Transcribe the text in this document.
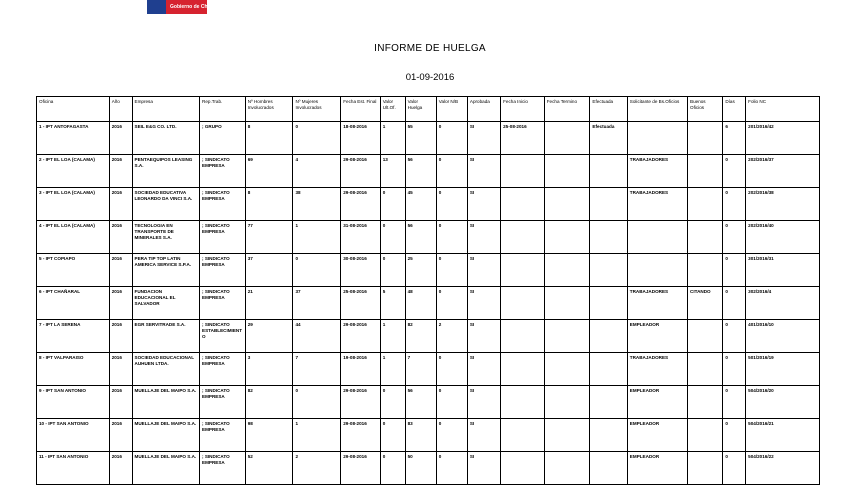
Gobierno de Chile
INFORME DE HUELGA
01-09-2016
Oficina	Año	Empresa	Rep.Trab.	Nº Hombres Involucrados	Nº Mujeres Involucrados	Fecha Est. Final	Valor Ult.Of.	Valor Huelga	Valor N/B	Aprobada	Fecha Inicio	Fecha Termino	Efectuada	Solicitante de Bs.Oficios	Buenos Oficios	Días	Folio NC
1 - IPT ANTOFAGASTA	2016	SEIL E&G CO. LTD.	; GRUPO	8	0	18-08-2016	1	55	0	SI	25-08-2016		Efectuada			6	201/2016/42
2 - IPT EL LOA (CALAMA)	2016	PENTAEQUIPOS LEASING S.A.	; SINDICATO EMPRESA	69	4	29-08-2016	13	56	0	SI				TRABAJADORES		0	202/2016/37
3 - IPT EL LOA (CALAMA)	2016	SOCIEDAD EDUCATIVA LEONARDO DA VINCI S.A.	; SINDICATO EMPRESA	8	38	29-08-2016	0	45	0	SI				TRABAJADORES		0	202/2016/38
4 - IPT EL LOA (CALAMA)	2016	TECNOLOGIA EN TRANSPORTE DE MINERALES S.A.	; SINDICATO EMPRESA	77	1	31-08-2016	0	56	0	SI						0	202/2016/40
5 - IPT COPIAPO	2016	PERA TIP TOP LATIN AMERICA SERVICE S.P.A.	; SINDICATO EMPRESA	37	0	30-08-2016	0	25	0	SI						0	301/2016/31
6 - IPT CHAÑARAL	2016	FUNDACION EDUCACIONAL EL SALVADOR	; SINDICATO EMPRESA	21	37	25-08-2016	5	48	0	SI				TRABAJADORES	CITANDO	0	302/2016/4
7 - IPT LA SERENA	2016	EGR SERVITRADE S.A.	; SINDICATO ESTABLECIMIENTO	29	44	29-08-2016	1	82	2	SI				EMPLEADOR		0	401/2016/10
8 - IPT VALPARAISO	2016	SOCIEDAD EDUCACIONAL AUHUEN LTDA.	; SINDICATO EMPRESA	3	7	19-08-2016	1	7	0	SI				TRABAJADORES		0	501/2016/19
9 - IPT SAN ANTONIO	2016	MUELLAJE DEL MAIPO S.A.	; SINDICATO EMPRESA	82	0	29-08-2016	0	56	0	SI				EMPLEADOR		0	504/2016/20
10 - IPT SAN ANTONIO	2016	MUELLAJE DEL MAIPO S.A.	; SINDICATO EMPRESA	98	1	29-08-2016	0	83	0	SI				EMPLEADOR		0	504/2016/21
11 - IPT SAN ANTONIO	2016	MUELLAJE DEL MAIPO S.A.	; SINDICATO EMPRESA	52	2	29-08-2016	0	50	0	SI				EMPLEADOR		0	504/2016/22
